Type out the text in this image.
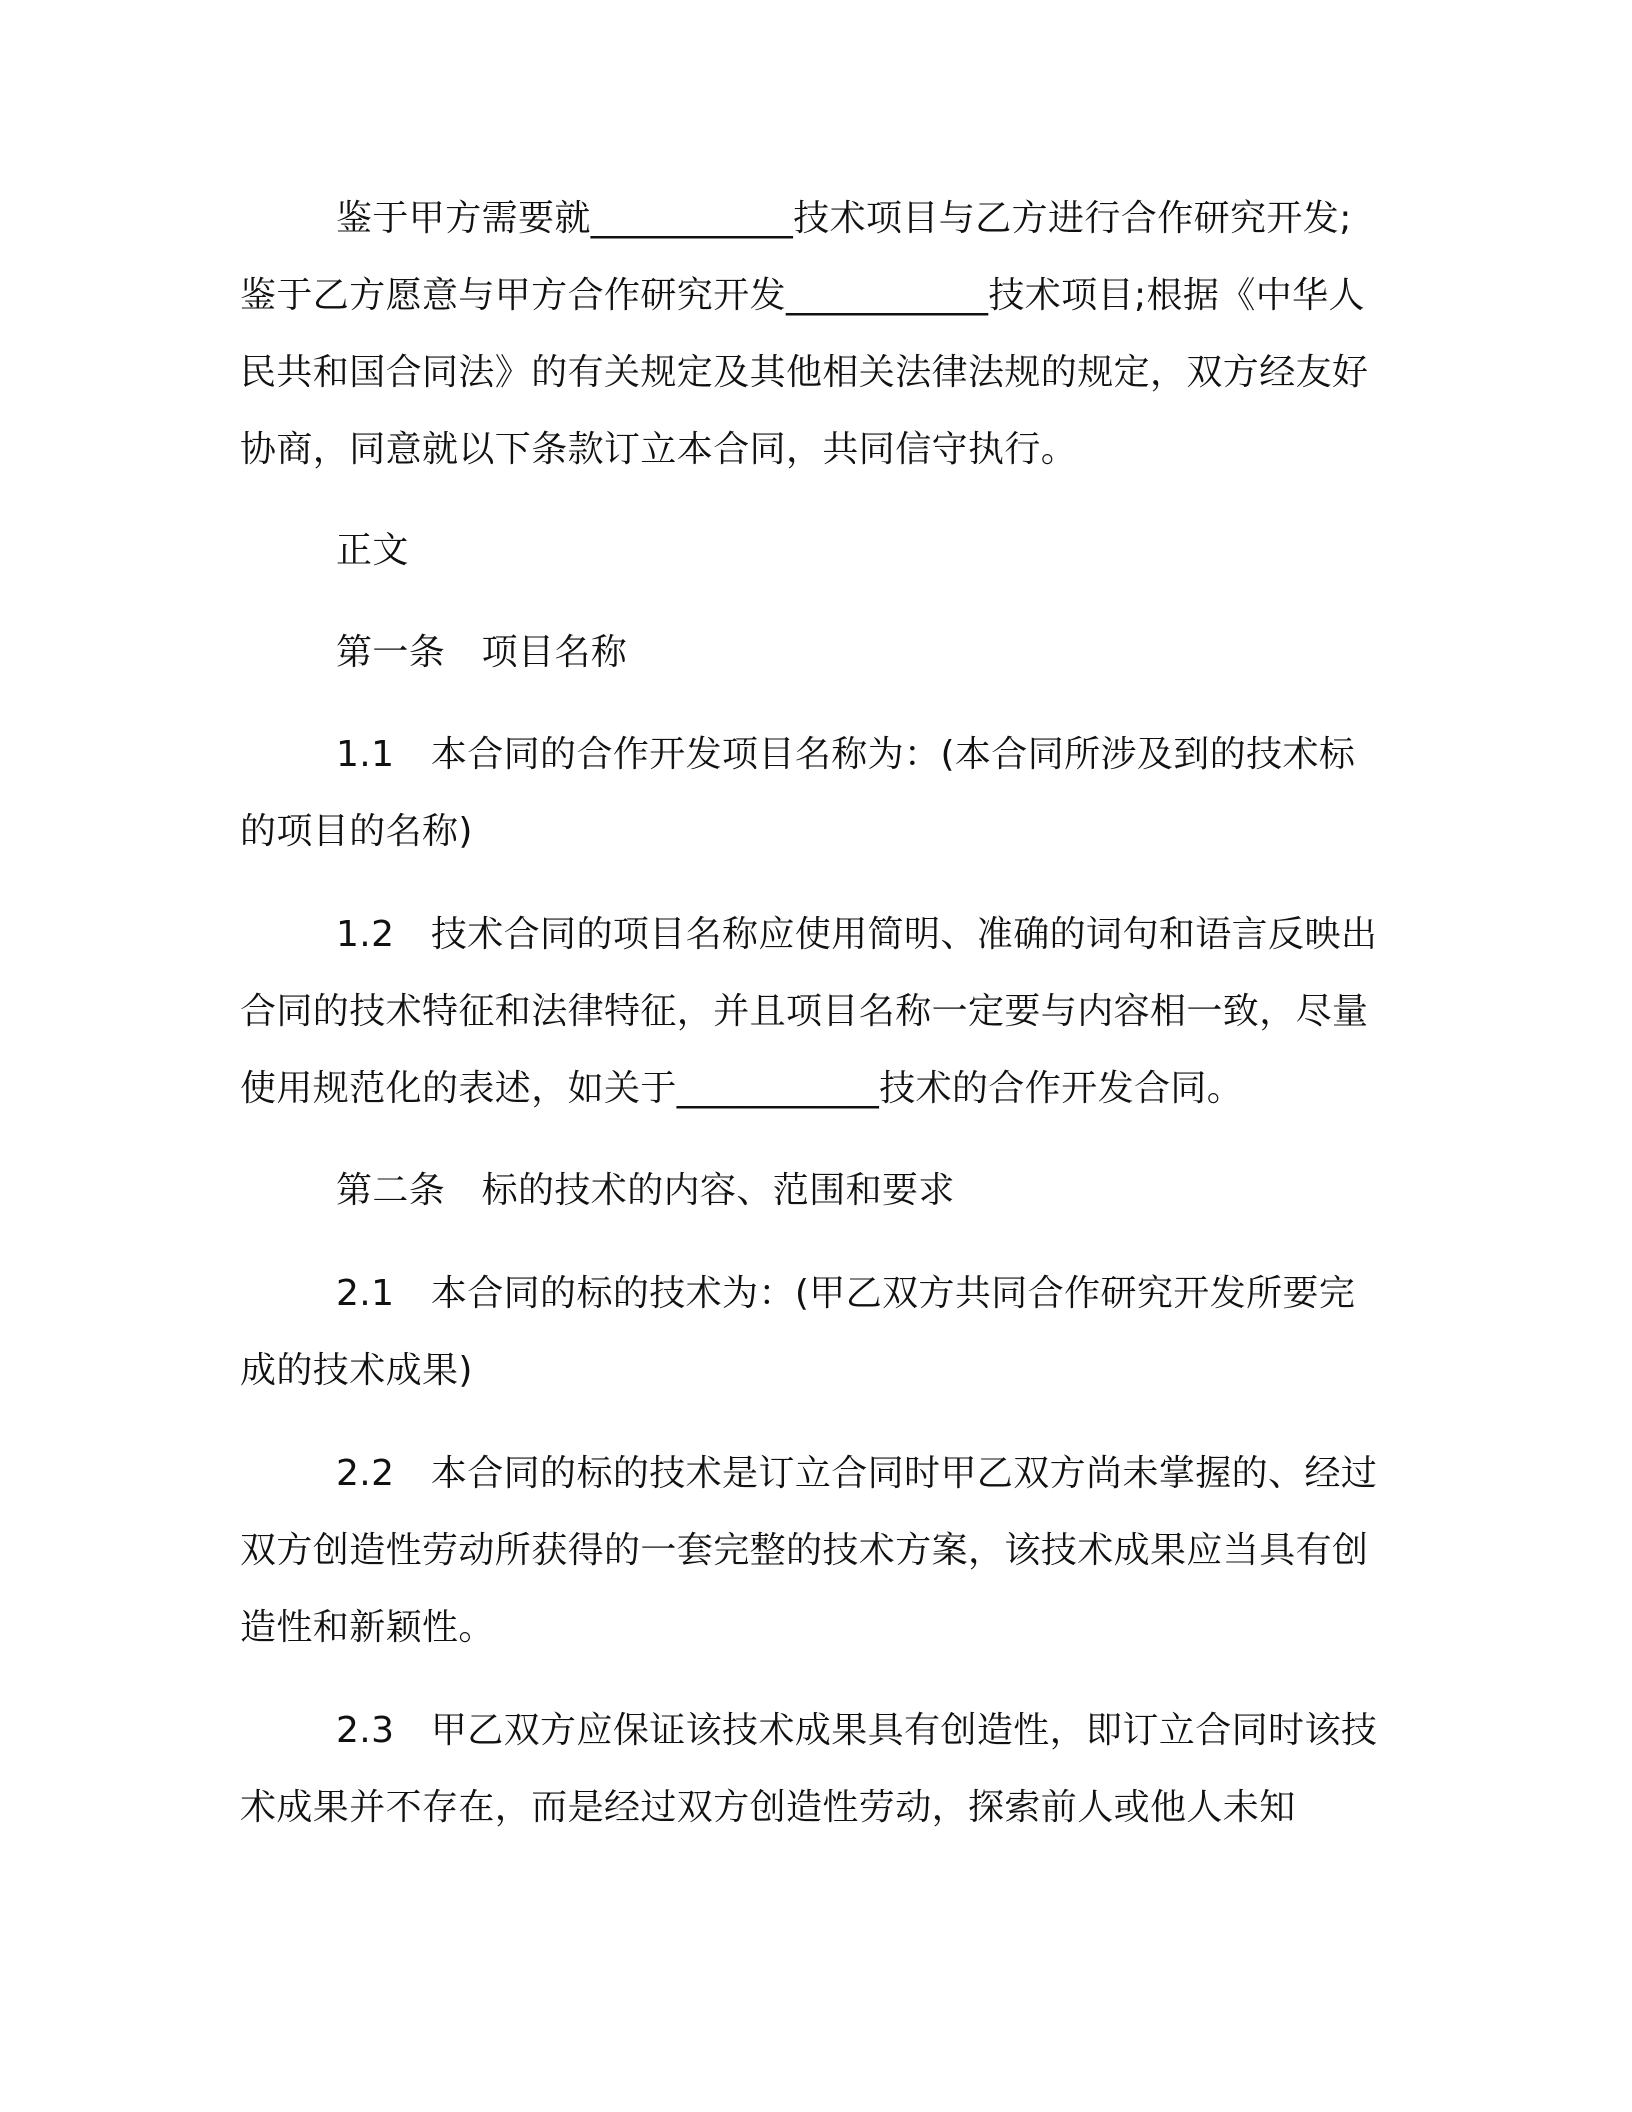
鉴于甲方需要就___________技术项目与乙方进行合作研究开发;鉴于乙方愿意与甲方合作研究开发___________技术项目;根据《中华人民共和国合同法》的有关规定及其他相关法律法规的规定，双方经友好协商，同意就以下条款订立本合同，共同信守执行。

正文

第一条　项目名称

1.1　本合同的合作开发项目名称为：(本合同所涉及到的技术标的项目的名称)

1.2　技术合同的项目名称应使用简明、准确的词句和语言反映出合同的技术特征和法律特征，并且项目名称一定要与内容相一致，尽量使用规范化的表述，如关于___________技术的合作开发合同。

第二条　标的技术的内容、范围和要求

2.1　本合同的标的技术为：(甲乙双方共同合作研究开发所要完成的技术成果)

2.2　本合同的标的技术是订立合同时甲乙双方尚未掌握的、经过双方创造性劳动所获得的一套完整的技术方案，该技术成果应当具有创造性和新颖性。

2.3　甲乙双方应保证该技术成果具有创造性，即订立合同时该技术成果并不存在，而是经过双方创造性劳动，探索前人或他人未知
